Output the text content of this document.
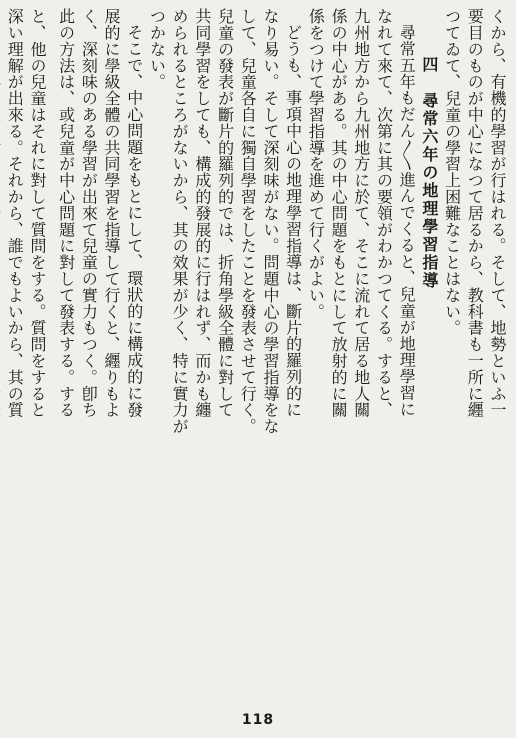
くから、有機的學習が行はれる。そして、地勢といふ一
要目のものが中心になつて居るから、教科書も一所に纒
つてゐて、兒童の學習上困難なことはない。
四　尋常六年の地理學習指導
尋常五年もだん〳〵進んでくると、兒童が地理學習に
なれて來て、次第に其の要領がわかつてくる。すると、
九州地方から九州地方に於て、そこに流れて居る地人關
係の中心がある。其の中心問題をもとにして放射的に關
係をつけて學習指導を進めて行くがよい。
どうも、事項中心の地理學習指導は、斷片的羅列的に
なり易い。そして深刻味がない。問題中心の學習指導をな
して、兒童各自に獨自學習をしたことを發表させて行く。
兒童の發表が斷片的羅列的では、折角學級全體に對して
共同學習をしても、構成的發展的に行はれず、而かも纏
められるところがないから、其の效果が少く、特に實力が
つかない。
そこで、中心問題をもとにして、環狀的に構成的に發
展的に學級全體の共同學習を指導して行くと、纒りもよ
く、深刻味のある學習が出來て兒童の實力もつく。卽ち
此の方法は、或兒童が中心問題に對して發表する。する
と、他の兒童はそれに對して質問をする。質問をすると
深い理解が出來る。それから、誰でもよいから、其の質
118
